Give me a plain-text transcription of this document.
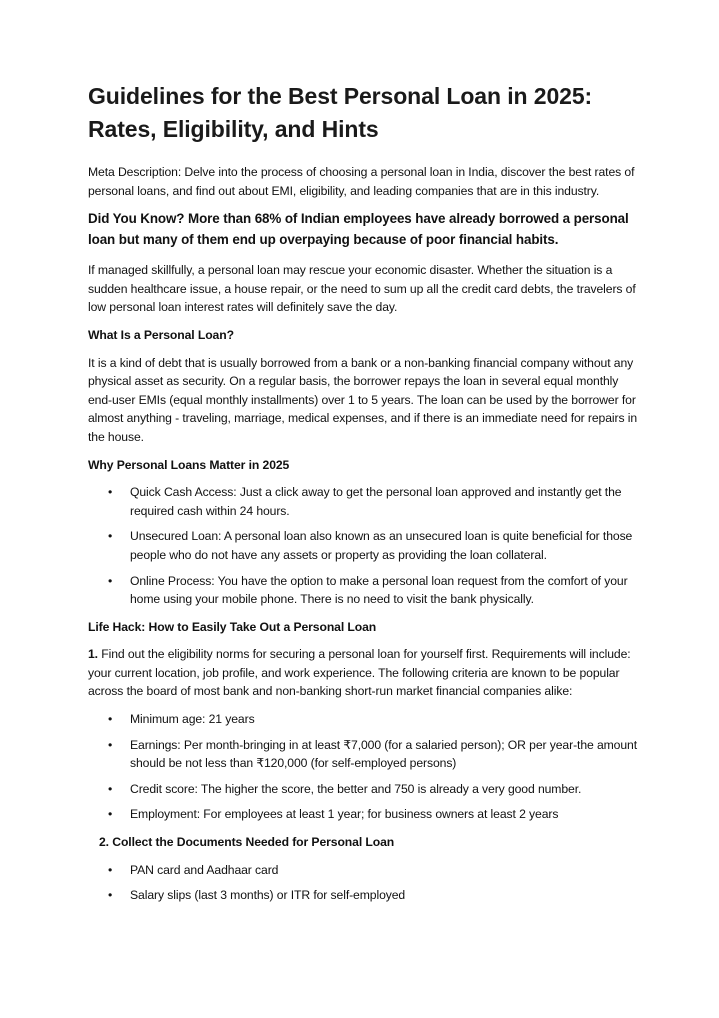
Guidelines for the Best Personal Loan in 2025: Rates, Eligibility, and Hints

Meta Description: Delve into the process of choosing a personal loan in India, discover the best rates of personal loans, and find out about EMI, eligibility, and leading companies that are in this industry.

Did You Know? More than 68% of Indian employees have already borrowed a personal loan but many of them end up overpaying because of poor financial habits.

If managed skillfully, a personal loan may rescue your economic disaster. Whether the situation is a sudden healthcare issue, a house repair, or the need to sum up all the credit card debts, the travelers of low personal loan interest rates will definitely save the day.

What Is a Personal Loan?

It is a kind of debt that is usually borrowed from a bank or a non-banking financial company without any physical asset as security. On a regular basis, the borrower repays the loan in several equal monthly end-user EMIs (equal monthly installments) over 1 to 5 years. The loan can be used by the borrower for almost anything - traveling, marriage, medical expenses, and if there is an immediate need for repairs in the house.

Why Personal Loans Matter in 2025

• Quick Cash Access: Just a click away to get the personal loan approved and instantly get the required cash within 24 hours.
• Unsecured Loan: A personal loan also known as an unsecured loan is quite beneficial for those people who do not have any assets or property as providing the loan collateral.
• Online Process: You have the option to make a personal loan request from the comfort of your home using your mobile phone. There is no need to visit the bank physically.

Life Hack: How to Easily Take Out a Personal Loan

1. Find out the eligibility norms for securing a personal loan for yourself first. Requirements will include: your current location, job profile, and work experience. The following criteria are known to be popular across the board of most bank and non-banking short-run market financial companies alike:

• Minimum age: 21 years
• Earnings: Per month-bringing in at least ₹7,000 (for a salaried person); OR per year-the amount should be not less than ₹120,000 (for self-employed persons)
• Credit score: The higher the score, the better and 750 is already a very good number.
• Employment: For employees at least 1 year; for business owners at least 2 years

2. Collect the Documents Needed for Personal Loan

• PAN card and Aadhaar card
• Salary slips (last 3 months) or ITR for self-employed
